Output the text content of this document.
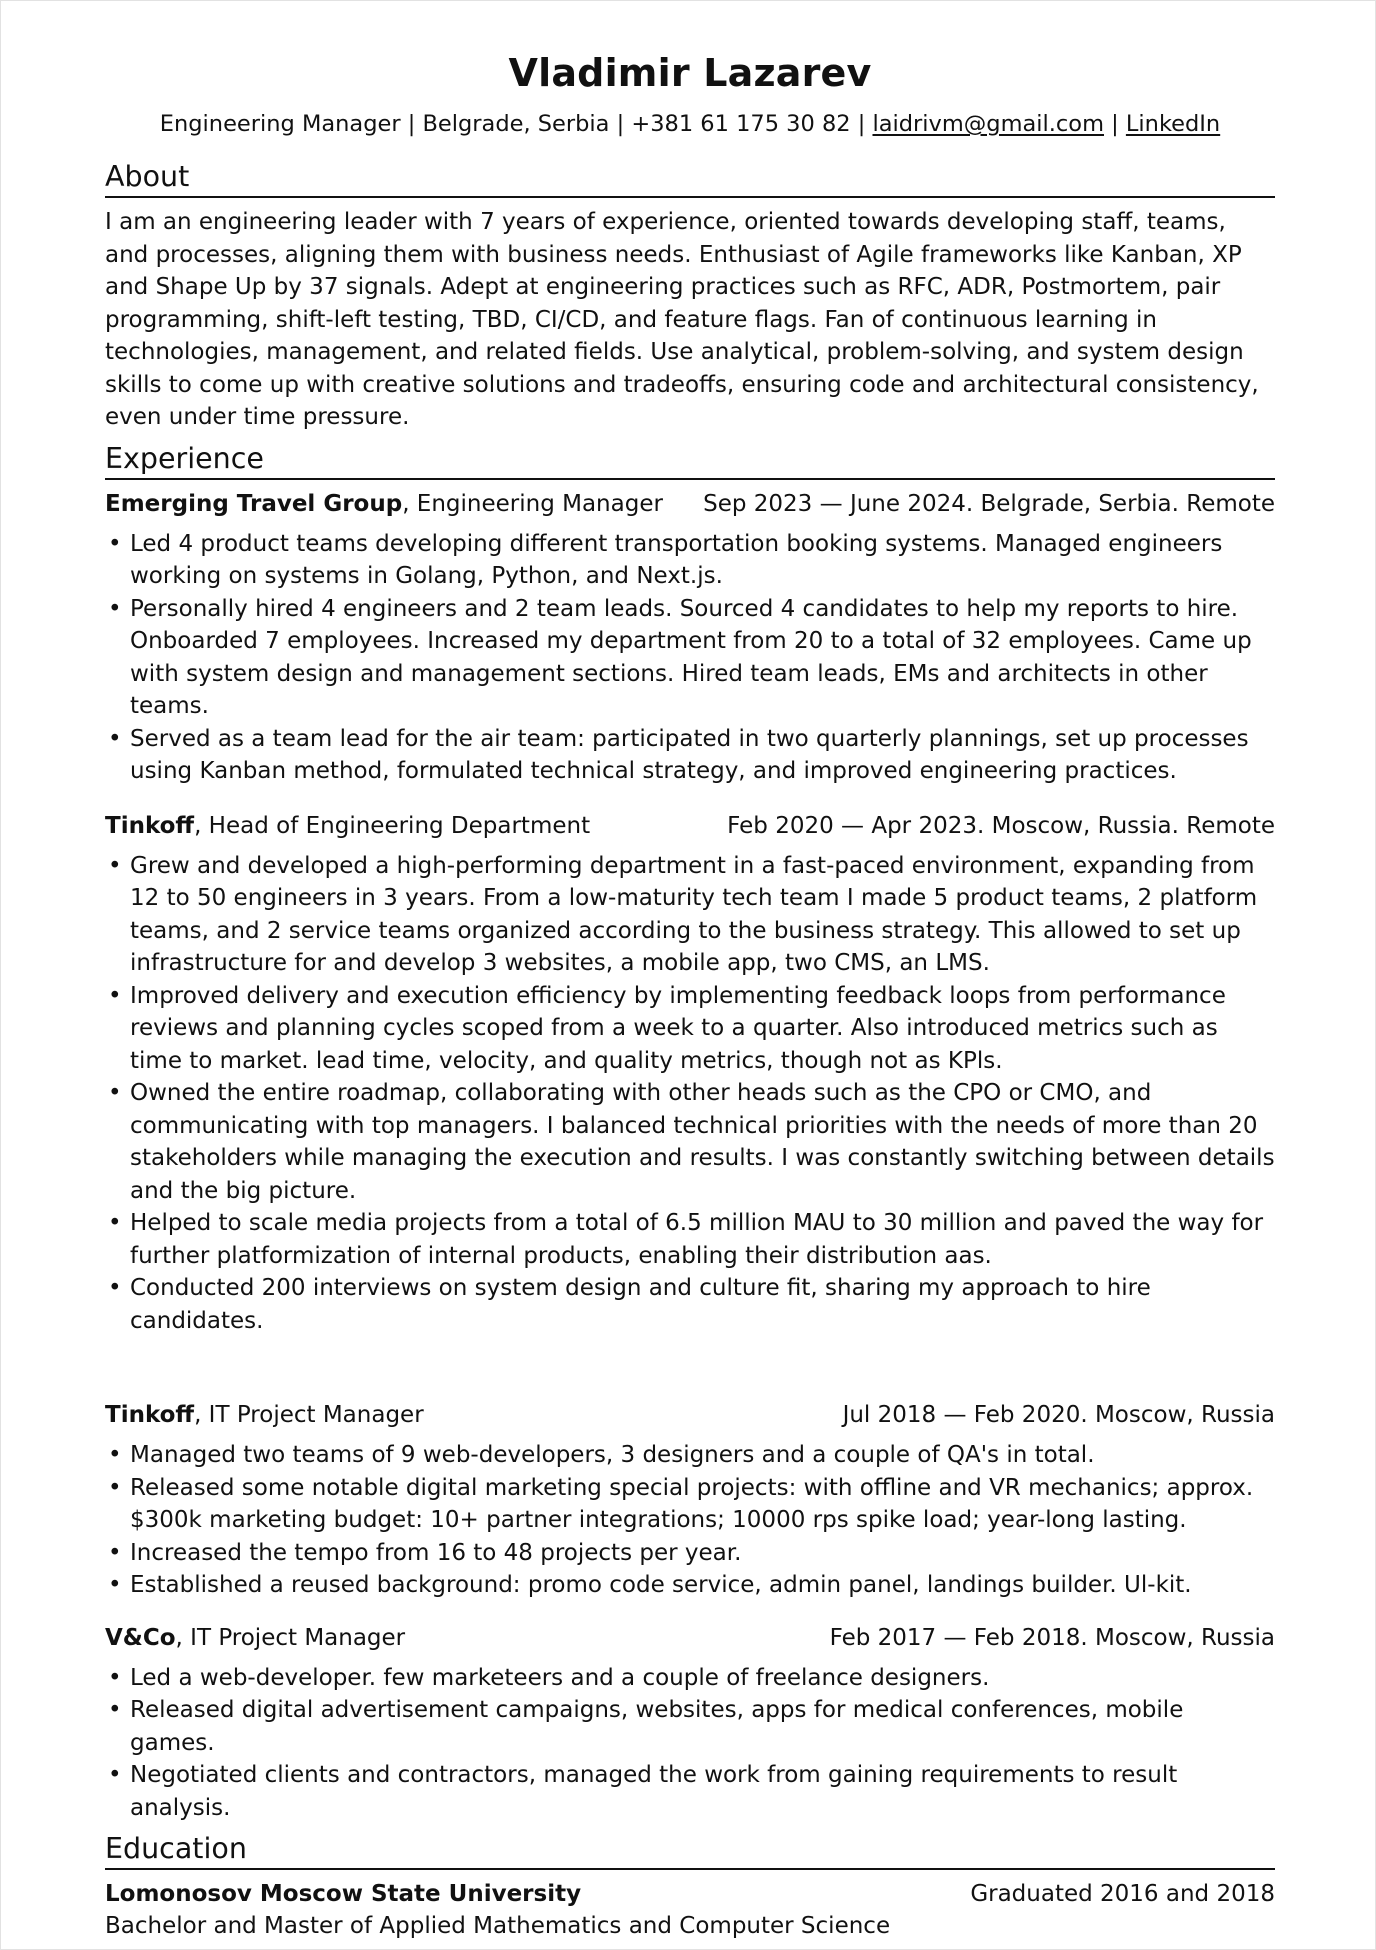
Vladimir Lazarev
Engineering Manager | Belgrade, Serbia | +381 61 175 30 82 | laidrivm@gmail.com | LinkedIn
About
I am an engineering leader with 7 years of experience, oriented towards developing staff, teams, and processes, aligning them with business needs. Enthusiast of Agile frameworks like Kanban, XP and Shape Up by 37 signals. Adept at engineering practices such as RFC, ADR, Postmortem, pair programming, shift-left testing, TBD, CI/CD, and feature flags. Fan of continuous learning in technologies, management, and related fields. Use analytical, problem-solving, and system design skills to come up with creative solutions and tradeoffs, ensuring code and architectural consistency, even under time pressure.
Experience
Emerging Travel Group, Engineering Manager Sep 2023 — June 2024. Belgrade, Serbia. Remote
• Led 4 product teams developing different transportation booking systems. Managed engineers working on systems in Golang, Python, and Next.js.
• Personally hired 4 engineers and 2 team leads. Sourced 4 candidates to help my reports to hire. Onboarded 7 employees. Increased my department from 20 to a total of 32 employees. Came up with system design and management sections. Hired team leads, EMs and architects in other teams.
• Served as a team lead for the air team: participated in two quarterly plannings, set up processes using Kanban method, formulated technical strategy, and improved engineering practices.
Tinkoff, Head of Engineering Department	Feb 2020 — Apr 2023. Moscow, Russia. Remote
• Grew and developed a high-performing department in a fast-paced environment, expanding from 12 to 50 engineers in 3 years. From a low-maturity tech team I made 5 product teams, 2 platform teams, and 2 service teams organized according to the business strategy. This allowed to set up infrastructure for and develop 3 websites, a mobile app, two CMS, an LMS.
• Improved delivery and execution efficiency by implementing feedback loops from performance reviews and planning cycles scoped from a week to a quarter. Also introduced metrics such as time to market. lead time, velocity, and quality metrics, though not as KPls.
• Owned the entire roadmap, collaborating with other heads such as the CPO or CMO, and communicating with top managers. I balanced technical priorities with the needs of more than 20 stakeholders while managing the execution and results. I was constantly switching between details and the big picture.
• Helped to scale media projects from a total of 6.5 million MAU to 30 million and paved the way for further platformization of internal products, enabling their distribution aas.
• Conducted 200 interviews on system design and culture fit, sharing my approach to hire candidates.
Tinkoff, IT Project Manager	Jul 2018 — Feb 2020. Moscow, Russia
• Managed two teams of 9 web-developers, 3 designers and a couple of QA's in total.
• Released some notable digital marketing special projects: with offline and VR mechanics; approx. $300k marketing budget: 10+ partner integrations; 10000 rps spike load; year-long lasting.
• Increased the tempo from 16 to 48 projects per year.
• Established a reused background: promo code service, admin panel, landings builder. Ul-kit.
V&Co, IT Project Manager	Feb 2017 — Feb 2018. Moscow, Russia
• Led a web-developer. few marketeers and a couple of freelance designers.
• Released digital advertisement campaigns, websites, apps for medical conferences, mobile games.
• Negotiated clients and contractors, managed the work from gaining requirements to result analysis.
Education
Lomonosov Moscow State University	Graduated 2016 and 2018
Bachelor and Master of Applied Mathematics and Computer Science
